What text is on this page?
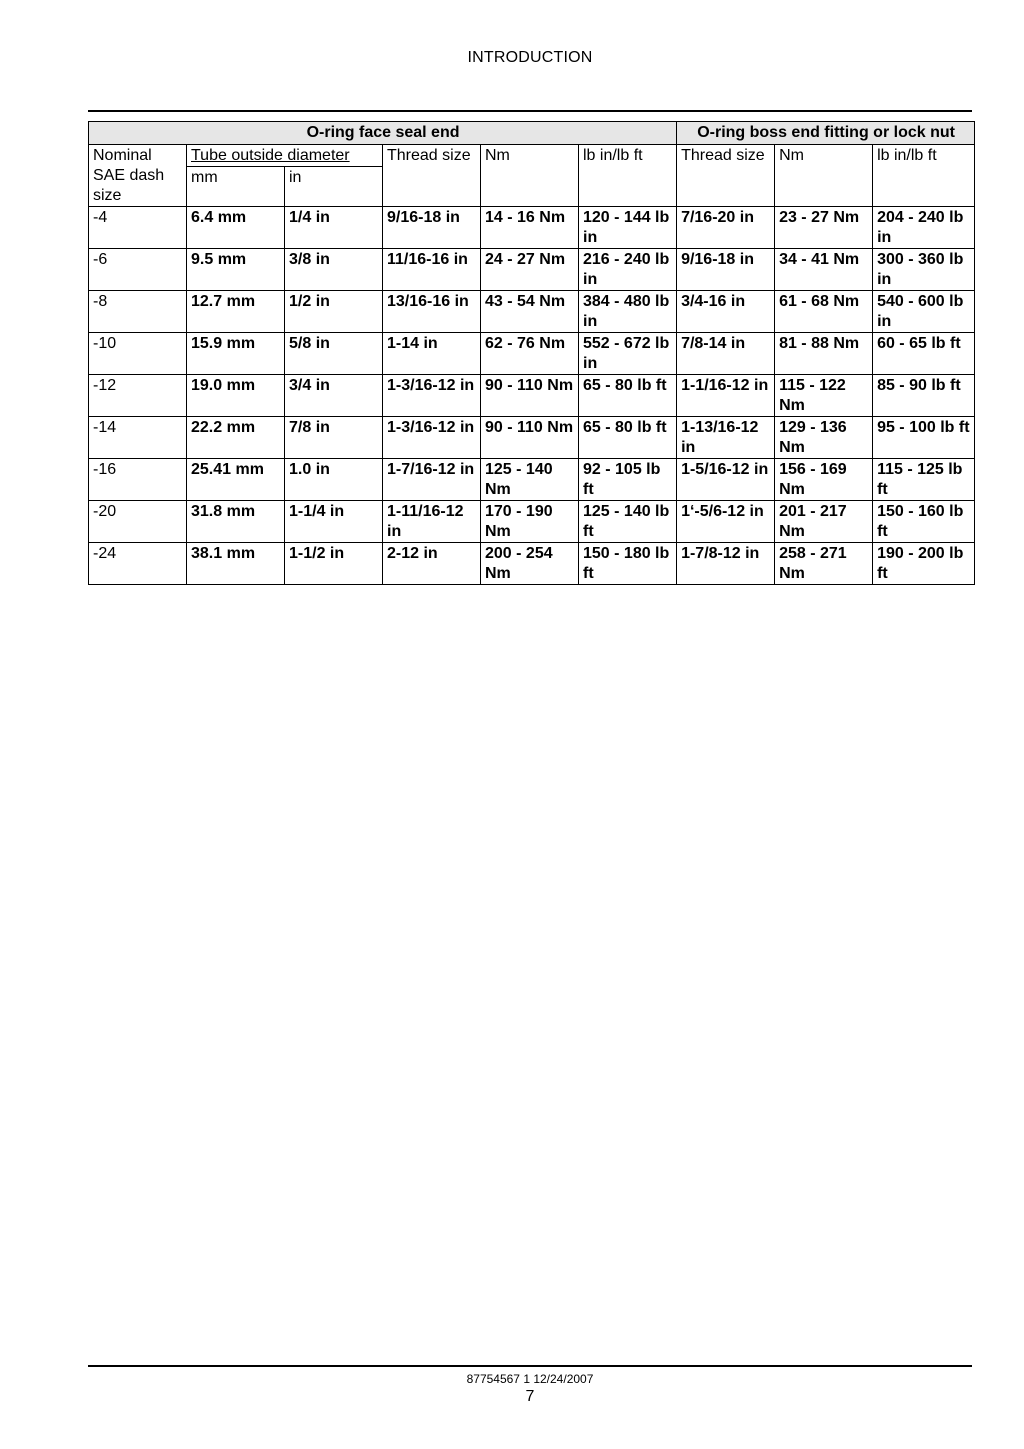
INTRODUCTION
O-ring face seal end						O-ring boss end fitting or lock nut		
Nominal SAE dash size	Tube outside diameter		Thread size	Nm	lb in/lb ft	Thread size	Nm	lb in/lb ft
	mm	in						
-4	6.4 mm	1/4 in	9/16-18 in	14 - 16 Nm	120 - 144 lb in	7/16-20 in	23 - 27 Nm	204 - 240 lb in
-6	9.5 mm	3/8 in	11/16-16 in	24 - 27 Nm	216 - 240 lb in	9/16-18 in	34 - 41 Nm	300 - 360 lb in
-8	12.7 mm	1/2 in	13/16-16 in	43 - 54 Nm	384 - 480 lb in	3/4-16 in	61 - 68 Nm	540 - 600 lb in
-10	15.9 mm	5/8 in	1-14 in	62 - 76 Nm	552 - 672 lb in	7/8-14 in	81 - 88 Nm	60 - 65 lb ft
-12	19.0 mm	3/4 in	1-3/16-12 in	90 - 110 Nm	65 - 80 lb ft	1-1/16-12 in	115 - 122 Nm	85 - 90 lb ft
-14	22.2 mm	7/8 in	1-3/16-12 in	90 - 110 Nm	65 - 80 lb ft	1-13/16-12 in	129 - 136 Nm	95 - 100 lb ft
-16	25.41 mm	1.0 in	1-7/16-12 in	125 - 140 Nm	92 - 105 lb ft	1-5/16-12 in	156 - 169 Nm	115 - 125 lb ft
-20	31.8 mm	1-1/4 in	1-11/16-12 in	170 - 190 Nm	125 - 140 lb ft	1‘-5/6-12 in	201 - 217 Nm	150 - 160 lb ft
-24	38.1 mm	1-1/2 in	2-12 in	200 - 254 Nm	150 - 180 lb ft	1-7/8-12 in	258 - 271 Nm	190 - 200 lb ft
87754567 1 12/24/2007
7
